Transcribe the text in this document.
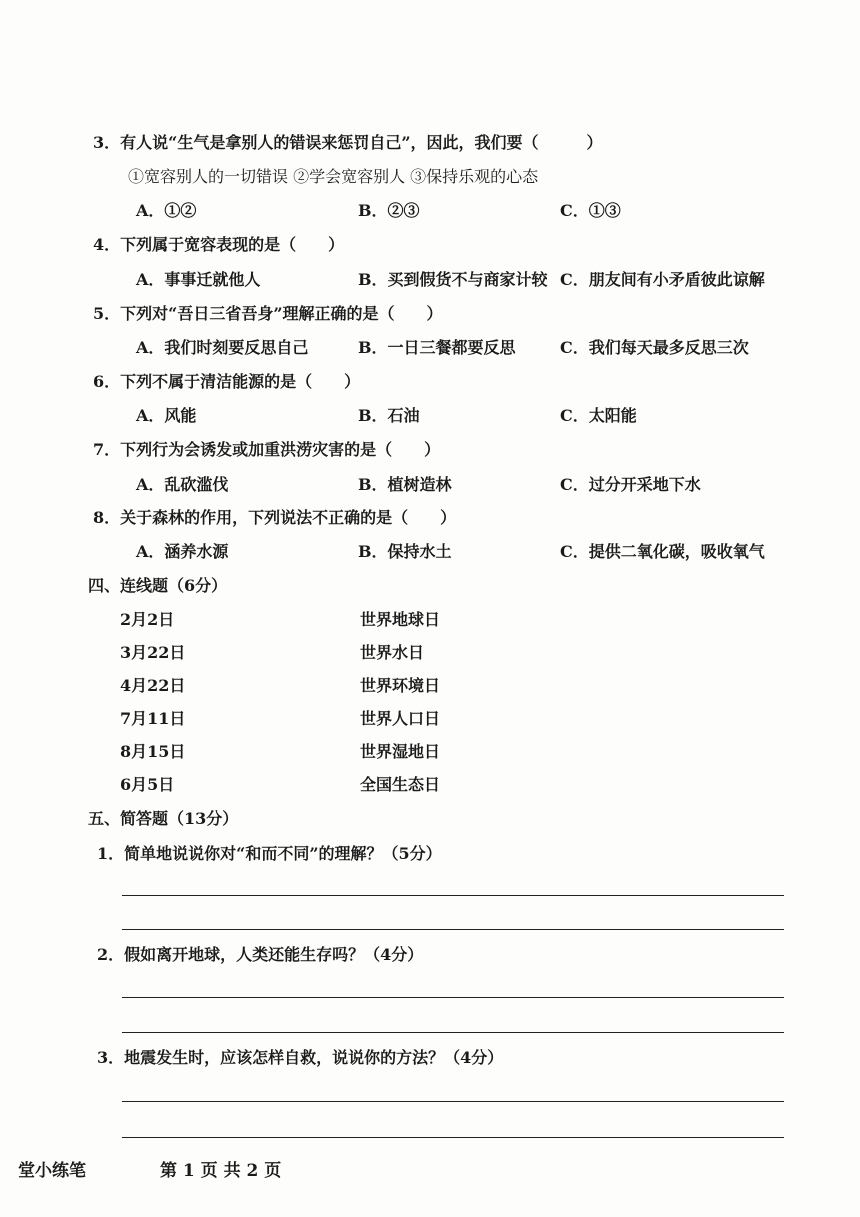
3．有人说“生气是拿别人的错误来惩罚自己”，因此，我们要（　　　）
①宽容别人的一切错误 ②学会宽容别人 ③保持乐观的心态
A．①②	B．②③	C．①③
4．下列属于宽容表现的是（　　）
A．事事迁就他人	B．买到假货不与商家计较 C．朋友间有小矛盾彼此谅解
5．下列对“吾日三省吾身”理解正确的是（　　）
A．我们时刻要反思自己	B．一日三餐都要反思	C．我们每天最多反思三次
6．下列不属于清洁能源的是（　　）
A．风能	B．石油	C．太阳能
7．下列行为会诱发或加重洪涝灾害的是（　　）
A．乱砍滥伐	B．植树造林	C．过分开采地下水
8．关于森林的作用，下列说法不正确的是（　　）
A．涵养水源	B．保持水土	C．提供二氧化碳，吸收氧气
四、连线题（6分）
2月2日	世界地球日
3月22日	世界水日
4月22日	世界环境日
7月11日	世界人口日
8月15日	世界湿地日
6月5日	全国生态日
五、简答题（13分）
1．简单地说说你对“和而不同”的理解？（5分）
2．假如离开地球，人类还能生存吗？（4分）
3．地震发生时，应该怎样自救，说说你的方法？（4分）
堂小练笔	第 1 页 共 2 页
